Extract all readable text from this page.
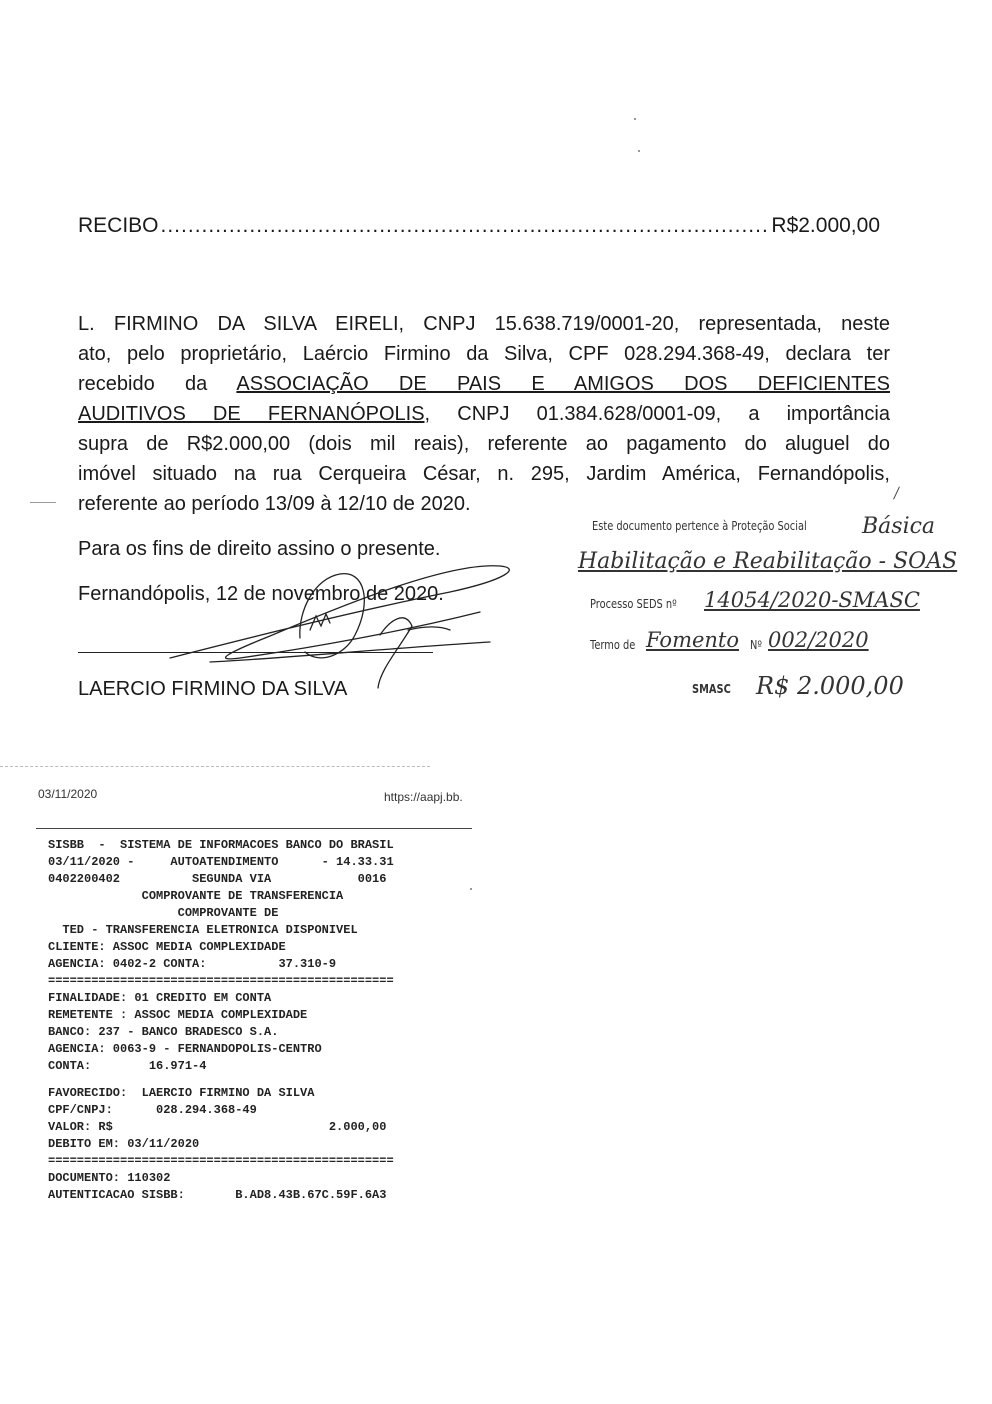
RECIBO
.....	R$2.000,00
L. FIRMINO DA SILVA EIRELI, CNPJ 15.638.719/0001-20, representada, neste
ato, pelo proprietário, Laércio Firmino da Silva, CPF 028.294.368-49, declara ter
recebido da ASSOCIAÇÃO DE PAIS E AMIGOS DOS DEFICIENTES
AUDITIVOS DE FERNANÓPOLIS, CNPJ 01.384.628/0001-09, a importância
supra de R$2.000,00 (dois mil reais), referente ao pagamento do aluguel do
imóvel situado na rua Cerqueira César, n. 295, Jardim América, Fernandópolis,
referente ao período 13/09 à 12/10 de 2020.
Para os fins de direito assino o presente.
Fernandópolis, 12 de novembro de 2020.
LAERCIO FIRMINO DA SILVA
Este documento pertence à Proteção Social	Básica
Habilitação e Reabilitação - SOAS
Processo SEDS nº 14054/2020-SMASC
Termo de Fomento Nº 002/2020
SMASC R$ 2.000,00
03/11/2020	https://aapj.bb.
SISBB  -  SISTEMA DE INFORMACOES BANCO DO BRASIL
03/11/2020 -     AUTOATENDIMENTO      - 14.33.31
0402200402          SEGUNDA VIA            0016
COMPROVANTE DE TRANSFERENCIA
COMPROVANTE DE
TED - TRANSFERENCIA ELETRONICA DISPONIVEL
CLIENTE: ASSOC MEDIA COMPLEXIDADE
AGENCIA: 0402-2 CONTA:          37.310-9
================================================
FINALIDADE: 01 CREDITO EM CONTA
REMETENTE : ASSOC MEDIA COMPLEXIDADE
BANCO: 237 - BANCO BRADESCO S.A.
AGENCIA: 0063-9 - FERNANDOPOLIS-CENTRO
CONTA:        16.971-4
FAVORECIDO:  LAERCIO FIRMINO DA SILVA
CPF/CNPJ:      028.294.368-49
VALOR: R$                              2.000,00
DEBITO EM: 03/11/2020
================================================
DOCUMENTO: 110302
AUTENTICACAO SISBB:       B.AD8.43B.67C.59F.6A3
